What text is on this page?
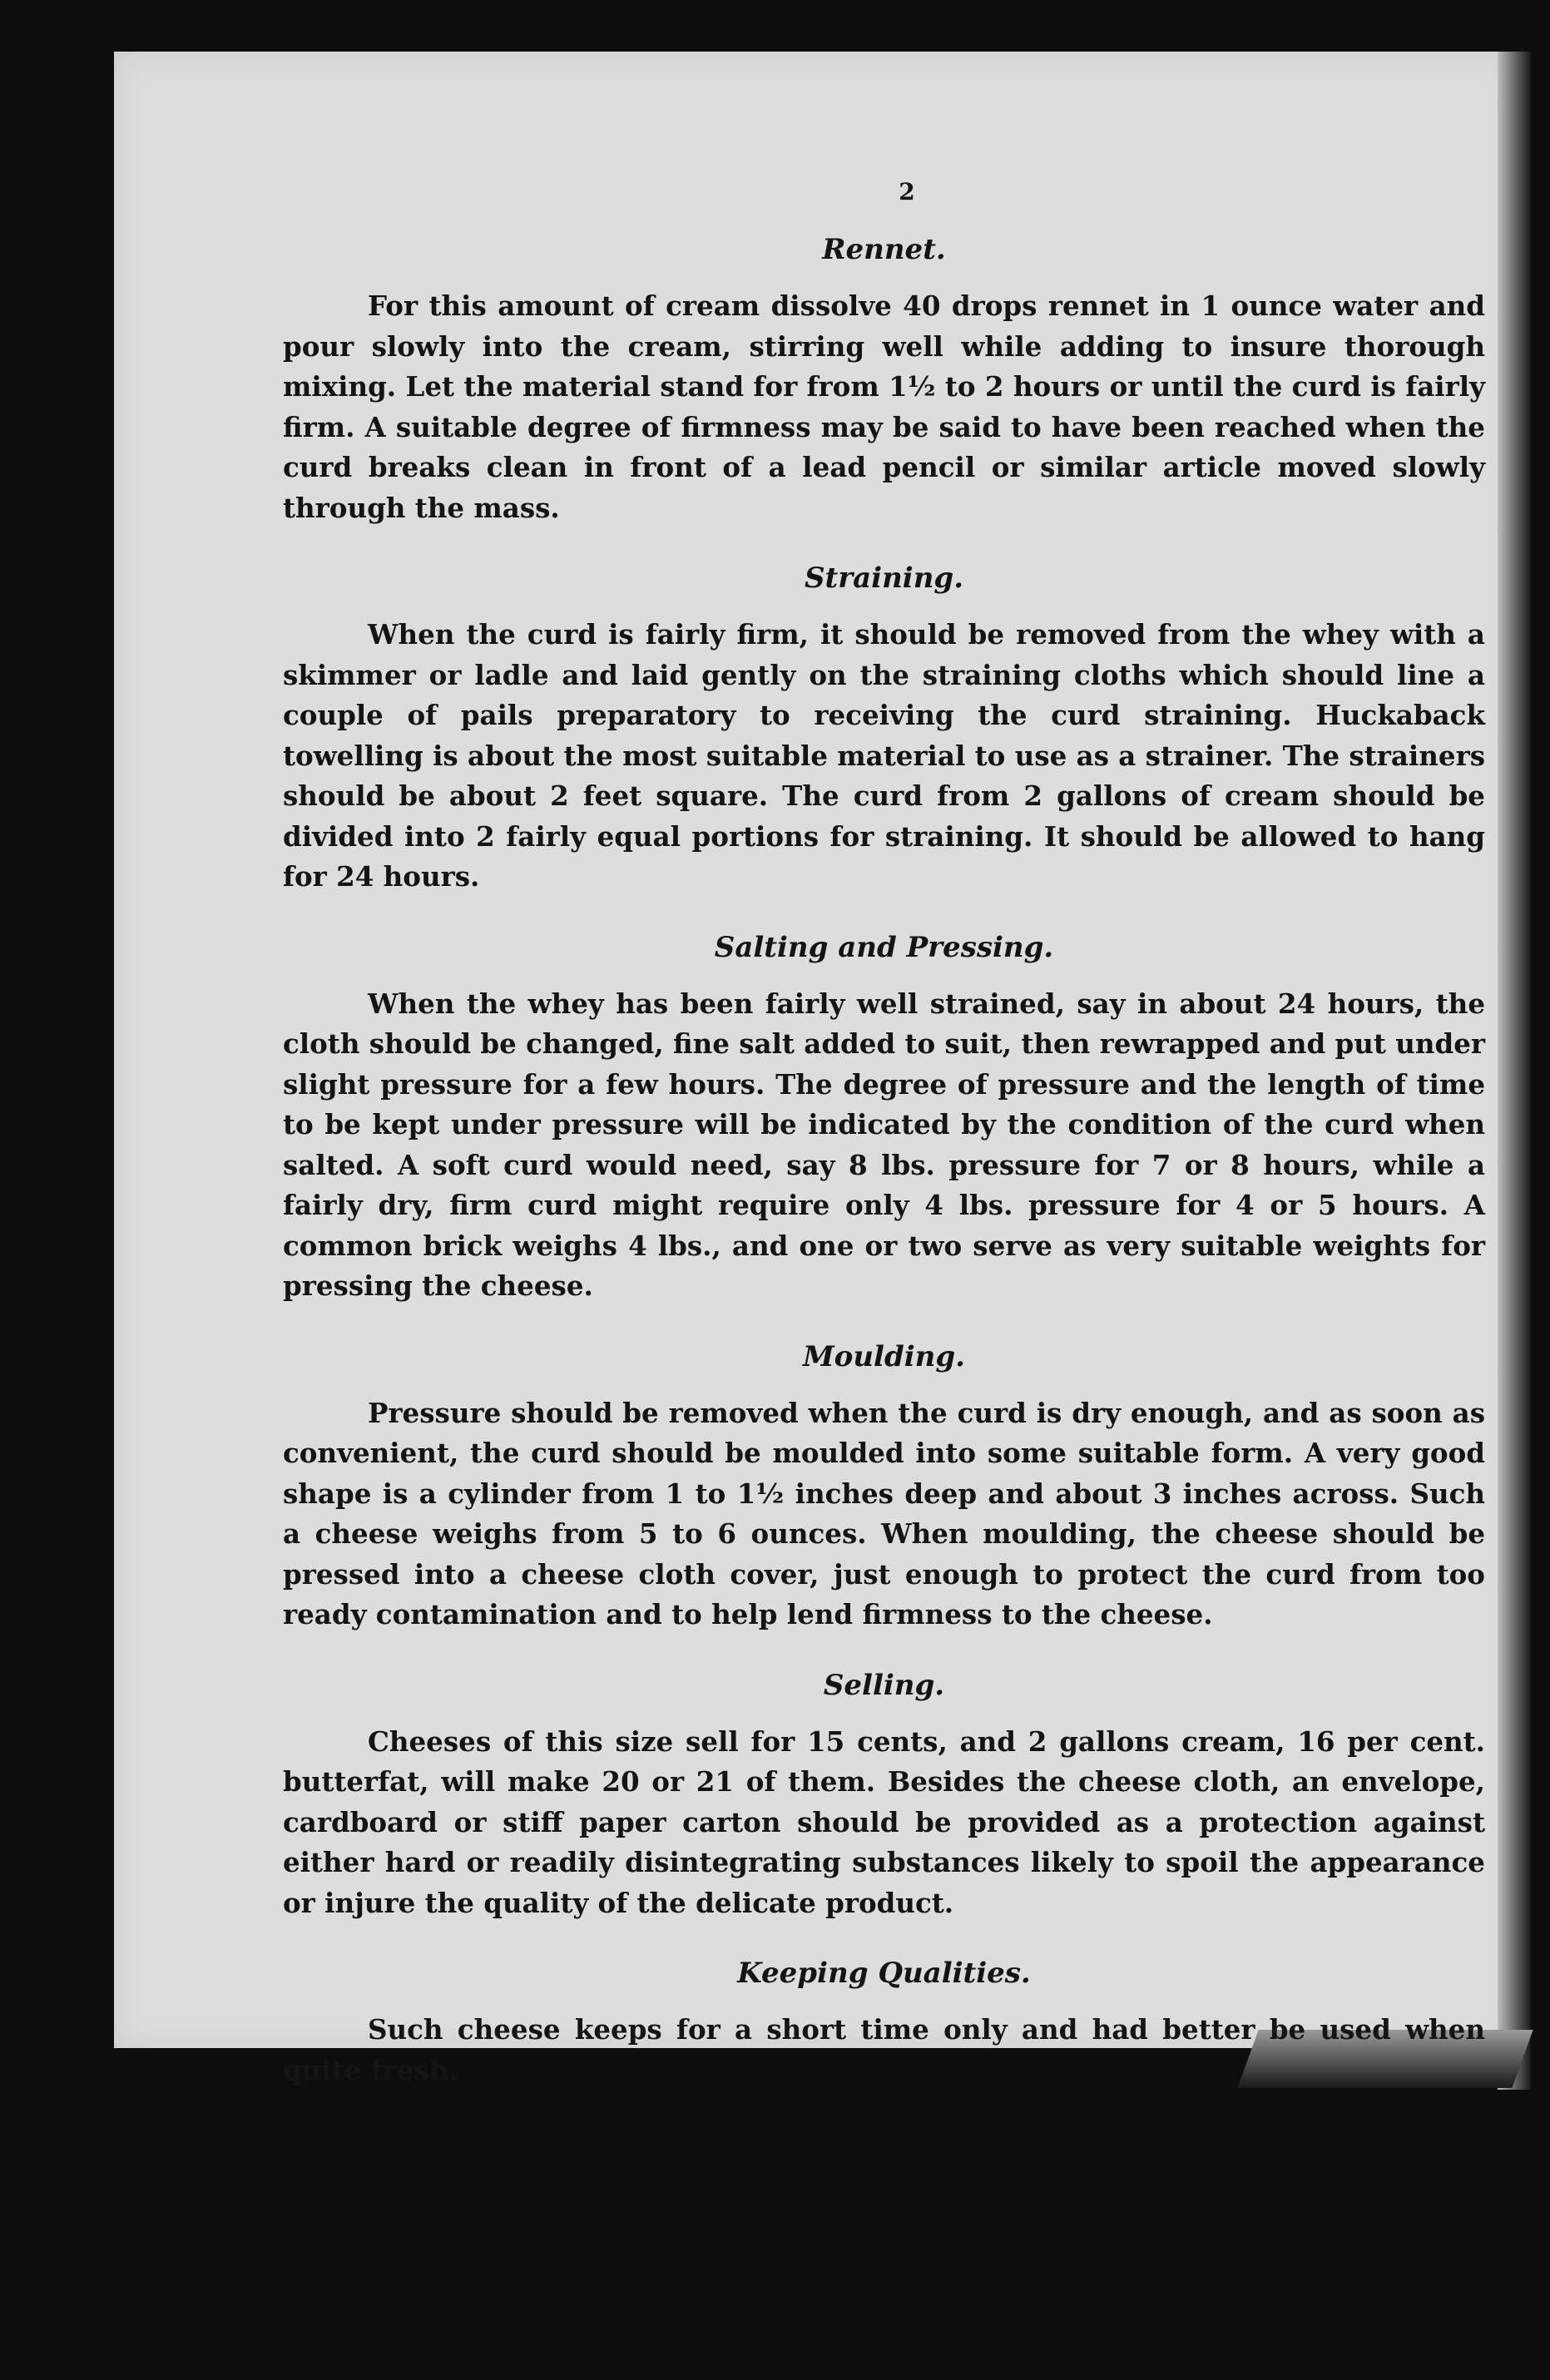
2
Rennet.

For this amount of cream dissolve 40 drops rennet in 1 ounce water and pour slowly into the cream, stirring well while adding to insure thorough mixing. Let the material stand for from 1½ to 2 hours or until the curd is fairly firm. A suitable degree of firmness may be said to have been reached when the curd breaks clean in front of a lead pencil or similar article moved slowly through the mass.

Straining.

When the curd is fairly firm, it should be removed from the whey with a skimmer or ladle and laid gently on the straining cloths which should line a couple of pails preparatory to receiving the curd straining. Huckaback towelling is about the most suitable material to use as a strainer. The strainers should be about 2 feet square. The curd from 2 gallons of cream should be divided into 2 fairly equal portions for straining. It should be allowed to hang for 24 hours.

Salting and Pressing.

When the whey has been fairly well strained, say in about 24 hours, the cloth should be changed, fine salt added to suit, then rewrapped and put under slight pressure for a few hours. The degree of pressure and the length of time to be kept under pressure will be indicated by the condition of the curd when salted. A soft curd would need, say 8 lbs. pressure for 7 or 8 hours, while a fairly dry, firm curd might require only 4 lbs. pressure for 4 or 5 hours. A common brick weighs 4 lbs., and one or two serve as very suitable weights for pressing the cheese.

Moulding.

Pressure should be removed when the curd is dry enough, and as soon as convenient, the curd should be moulded into some suitable form. A very good shape is a cylinder from 1 to 1½ inches deep and about 3 inches across. Such a cheese weighs from 5 to 6 ounces. When moulding, the cheese should be pressed into a cheese cloth cover, just enough to protect the curd from too ready contamination and to help lend firmness to the cheese.

Selling.

Cheeses of this size sell for 15 cents, and 2 gallons cream, 16 per cent. butterfat, will make 20 or 21 of them. Besides the cheese cloth, an envelope, cardboard or stiff paper carton should be provided as a protection against either hard or readily disintegrating substances likely to spoil the appearance or injure the quality of the delicate product.

Keeping Qualities.

Such cheese keeps for a short time only and had better be used when quite fresh.
